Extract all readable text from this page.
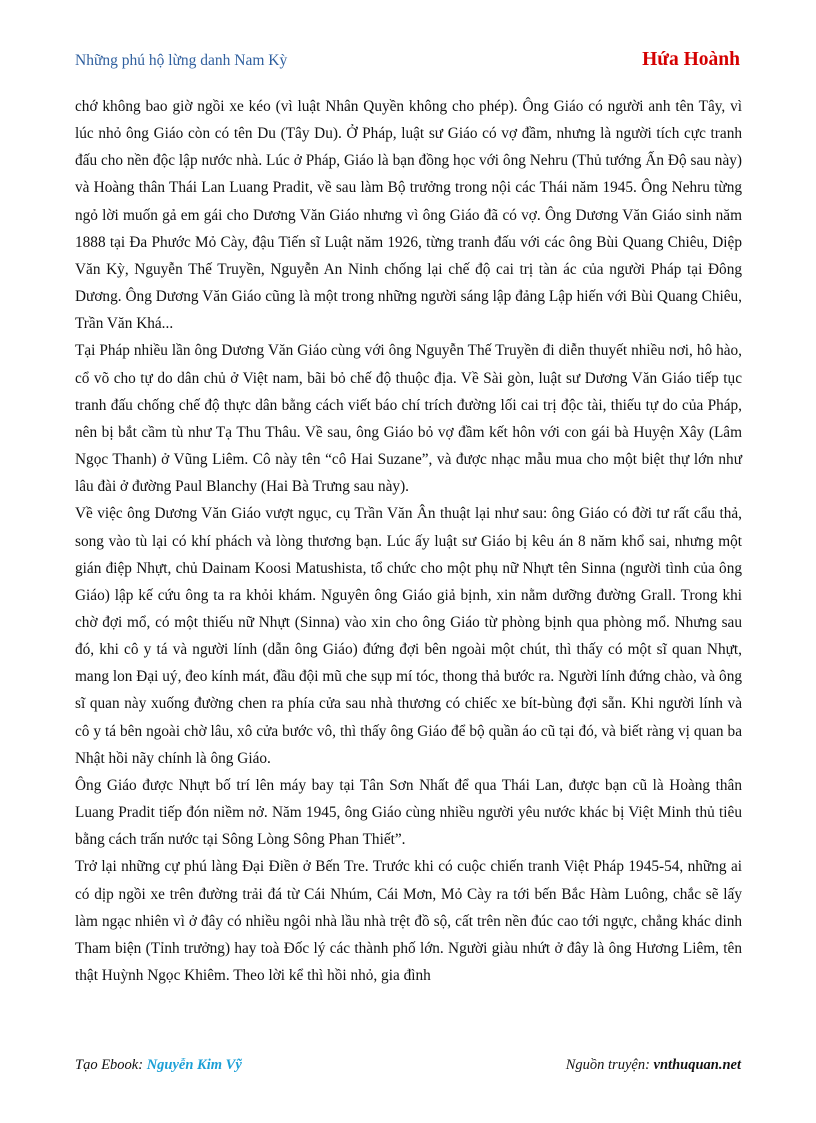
Những phú hộ lừng danh Nam Kỳ	Hứa Hoành

chớ không bao giờ ngồi xe kéo (vì luật Nhân Quyền không cho phép). Ông Giáo có người anh tên Tây, vì lúc nhỏ ông Giáo còn có tên Du (Tây Du). Ở Pháp, luật sư Giáo có vợ đầm, nhưng là người tích cực tranh đấu cho nền độc lập nước nhà. Lúc ở Pháp, Giáo là bạn đồng học với ông Nehru (Thủ tướng Ấn Độ sau này) và Hoàng thân Thái Lan Luang Pradit, về sau làm Bộ trưởng trong nội các Thái năm 1945. Ông Nehru từng ngỏ lời muốn gả em gái cho Dương Văn Giáo nhưng vì ông Giáo đã có vợ. Ông Dương Văn Giáo sinh năm 1888 tại Đa Phước Mỏ Cày, đậu Tiến sĩ Luật năm 1926, từng tranh đấu với các ông Bùi Quang Chiêu, Diệp Văn Kỳ, Nguyễn Thế Truyền, Nguyễn An Ninh chống lại chế độ cai trị tàn ác của người Pháp tại Đông Dương. Ông Dương Văn Giáo cũng là một trong những người sáng lập đảng Lập hiến với Bùi Quang Chiêu, Trần Văn Khá...

Tại Pháp nhiều lần ông Dương Văn Giáo cùng với ông Nguyễn Thế Truyền đi diễn thuyết nhiều nơi, hô hào, cổ võ cho tự do dân chủ ở Việt nam, bãi bỏ chế độ thuộc địa. Về Sài gòn, luật sư Dương Văn Giáo tiếp tục tranh đấu chống chế độ thực dân bằng cách viết báo chí trích đường lối cai trị độc tài, thiếu tự do của Pháp, nên bị bắt cầm tù như Tạ Thu Thâu. Về sau, ông Giáo bỏ vợ đầm kết hôn với con gái bà Huyện Xây (Lâm Ngọc Thanh) ở Vũng Liêm. Cô này tên “cô Hai Suzane”, và được nhạc mẫu mua cho một biệt thự lớn như lâu đài ở đường Paul Blanchy (Hai Bà Trưng sau này).

Về việc ông Dương Văn Giáo vượt ngục, cụ Trần Văn Ân thuật lại như sau: ông Giáo có đời tư rất cẩu thả, song vào tù lại có khí phách và lòng thương bạn. Lúc ấy luật sư Giáo bị kêu án 8 năm khổ sai, nhưng một gián điệp Nhựt, chủ Dainam Koosi Matushista, tổ chức cho một phụ nữ Nhựt tên Sinna (người tình của ông Giáo) lập kế cứu ông ta ra khỏi khám. Nguyên ông Giáo giả bịnh, xin nằm dưỡng đường Grall. Trong khi chờ đợi mổ, có một thiếu nữ Nhựt (Sinna) vào xin cho ông Giáo từ phòng bịnh qua phòng mổ. Nhưng sau đó, khi cô y tá và người lính (dẫn ông Giáo) đứng đợi bên ngoài một chút, thì thấy có một sĩ quan Nhựt, mang lon Đại uý, đeo kính mát, đầu đội mũ che sụp mí tóc, thong thả bước ra. Người lính đứng chào, và ông sĩ quan này xuống đường chen ra phía cửa sau nhà thương có chiếc xe bít-bùng đợi sẵn. Khi người lính và cô y tá bên ngoài chờ lâu, xô cửa bước vô, thì thấy ông Giáo để bộ quần áo cũ tại đó, và biết ràng vị quan ba Nhật hồi nãy chính là ông Giáo.

Ông Giáo được Nhựt bố trí lên máy bay tại Tân Sơn Nhất để qua Thái Lan, được bạn cũ là Hoàng thân Luang Pradit tiếp đón niềm nở. Năm 1945, ông Giáo cùng nhiều người yêu nước khác bị Việt Minh thủ tiêu bằng cách trấn nước tại Sông Lòng Sông Phan Thiết”.

Trở lại những cự phú làng Đại Điền ở Bến Tre. Trước khi có cuộc chiến tranh Việt Pháp 1945-54, những ai có dịp ngồi xe trên đường trải đá từ Cái Nhúm, Cái Mơn, Mỏ Cày ra tới bến Bắc Hàm Luông, chắc sẽ lấy làm ngạc nhiên vì ở đây có nhiều ngôi nhà lầu nhà trệt đồ sộ, cất trên nền đúc cao tới ngực, chẳng khác dinh Tham biện (Tỉnh trưởng) hay toà Đốc lý các thành phố lớn. Người giàu nhứt ở đây là ông Hương Liêm, tên thật Huỳnh Ngọc Khiêm. Theo lời kể thì hồi nhỏ, gia đình

Tạo Ebook: Nguyễn Kim Vỹ	Nguồn truyện: vnthuquan.net
